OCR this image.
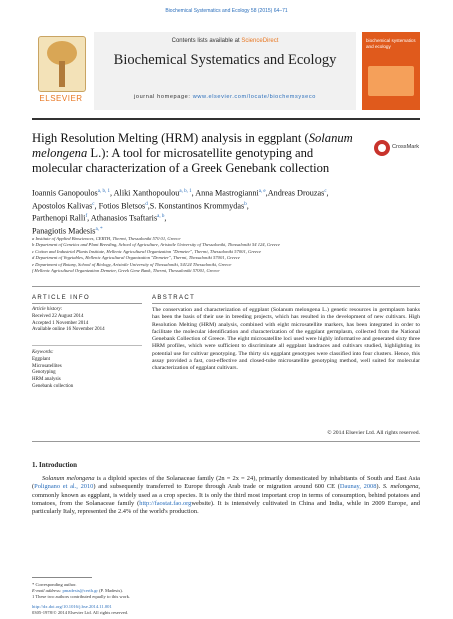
Biochemical Systematics and Ecology 58 (2015) 64–71
ELSEVIER
Contents lists available at ScienceDirect
Biochemical Systematics and Ecology
journal homepage: www.elsevier.com/locate/biochemsyseco
biochemical systematics and ecology
High Resolution Melting (HRM) analysis in eggplant (Solanum melongena L.): A tool for microsatellite genotyping and molecular characterization of a Greek Genebank collection
CrossMark
Ioannis Ganopoulos$^{a, b, 1}$, Aliki Xanthopoulou$^{a, b, 1}$, Anna Mastrogianni$^{a, e}$,Andreas Drouzas$^c$,
Apostolos Kalivas$^c$, Fotios Bletsos$^d$,S. Konstantinos Krommydas$^b$,
Parthenopi Ralli$^f$, Athanasios Tsaftaris$^{a, b}$,
Panagiotis Madesis$^{a, *}$
a Institute of Applied Biosciences, CERTH, Thermi, Thessaloniki 570 01, Greece
b Department of Genetics and Plant Breeding, School of Agriculture, Aristotle University of Thessaloniki, Thessaloniki 54 124, Greece
c Cotton and Industrial Plants Institute, Hellenic Agricultural Organization "Demeter", Thermi, Thessaloniki 57001, Greece
d Department of Vegetables, Hellenic Agricultural Organization "Demeter", Thermi, Thessaloniki 57001, Greece
e Department of Botany, School of Biology, Aristotle University of Thessaloniki, 54124 Thessaloniki, Greece
f Hellenic Agricultural Organization Demeter, Greek Gene Bank, Thermi, Thessaloniki 57001, Greece
ARTICLE INFO	ABSTRACT
Article history:
Received 22 August 2014
Accepted 1 November 2014
Available online 16 November 2014
Keywords:
Eggplant
Microsatellites
Genotyping
HRM analysis
Genebank collection
The conservation and characterization of eggplant (Solanum melongena L.) genetic resources in germplasm banks has been the basis of their use in breeding projects, which has resulted in the development of new cultivars. High Resolution Melting (HRM) analysis, combined with eight microsatellite markers, has been integrated in order to facilitate the molecular identification and characterization of the eggplant germplasm, collected from the National Genebank Collection of Greece. The eight microsatellite loci used were highly informative and generated sixty three HRM profiles, which were sufficient to discriminate all eggplant landraces and cultivars studied, highlighting its potential use for cultivar genotyping. The thirty six eggplant genotypes were classified into four clusters. Hence, this assay provided a fast, cost-effective and closed-tube microsatellite genotyping method, well suited for molecular characterization of eggplant cultivars.
© 2014 Elsevier Ltd. All rights reserved.
1. Introduction
Solanum melongena is a diploid species of the Solanaceae family (2n = 2x = 24), primarily domesticated by inhabitants of South and East Asia (Polignano et al., 2010) and subsequently transferred to Europe through Arab trade or migration around 600 CE (Daunay, 2008). S. melongena, commonly known as eggplant, is widely used as a crop species. It is only the third most important crop in terms of consumption, behind potatoes and tomatoes, from the Solanaceae family (http://faostat.fao.orgwebsite). It is intensively cultivated in China and India, while in 2009 Europe, and particularly Italy, represented the 2.4% of the world's production.
* Corresponding author.
E-mail address: pmadesis@certh.gr (P. Madesis).
1 These two authors contributed equally to this work.
http://dx.doi.org/10.1016/j.bse.2014.11.001
0305-1978/© 2014 Elsevier Ltd. All rights reserved.
